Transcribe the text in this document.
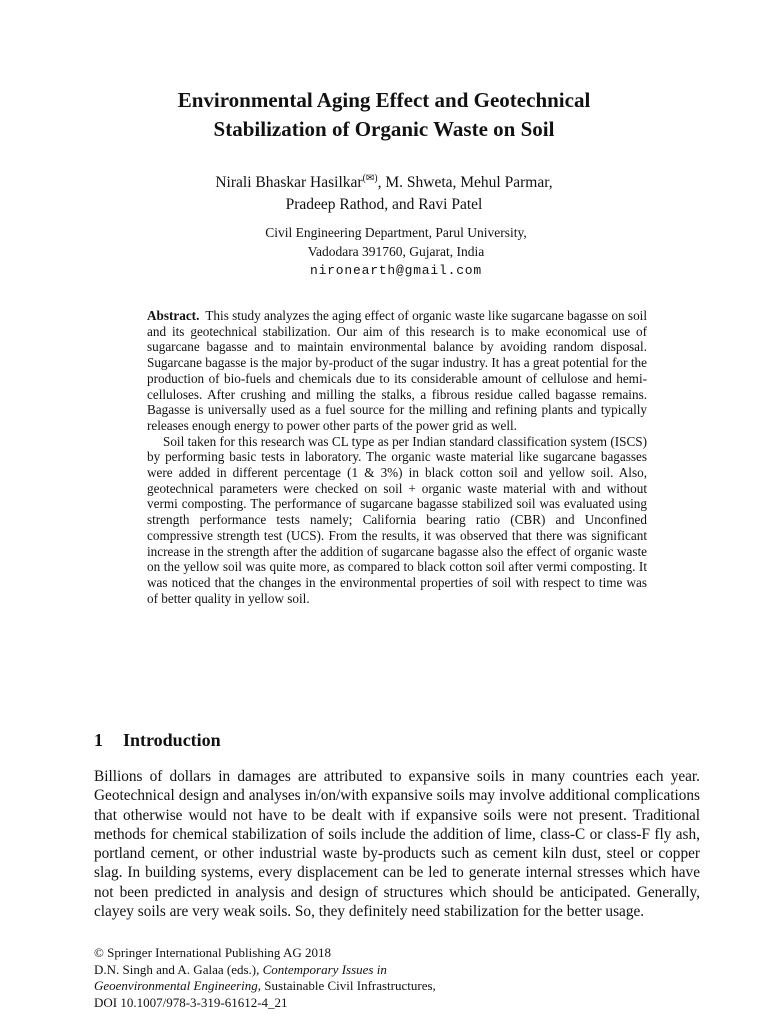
Environmental Aging Effect and Geotechnical
Stabilization of Organic Waste on Soil
Nirali Bhaskar Hasilkar(✉), M. Shweta, Mehul Parmar,
Pradeep Rathod, and Ravi Patel
Civil Engineering Department, Parul University,
Vadodara 391760, Gujarat, India
nironearth@gmail.com

Abstract. This study analyzes the aging effect of organic waste like sugarcane bagasse on soil and its geotechnical stabilization. Our aim of this research is to make economical use of sugarcane bagasse and to maintain environmental balance by avoiding random disposal. Sugarcane bagasse is the major by-product of the sugar industry. It has a great potential for the production of bio-fuels and chemicals due to its considerable amount of cellulose and hemi-celluloses. After crushing and milling the stalks, a fibrous residue called bagasse remains. Bagasse is universally used as a fuel source for the milling and refining plants and typically releases enough energy to power other parts of the power grid as well.

Soil taken for this research was CL type as per Indian standard classification system (ISCS) by performing basic tests in laboratory. The organic waste material like sugarcane bagasses were added in different percentage (1 & 3%) in black cotton soil and yellow soil. Also, geotechnical parameters were checked on soil + organic waste material with and without vermi composting. The performance of sugarcane bagasse stabilized soil was evaluated using strength performance tests namely; California bearing ratio (CBR) and Unconfined compressive strength test (UCS). From the results, it was observed that there was significant increase in the strength after the addition of sugarcane bagasse also the effect of organic waste on the yellow soil was quite more, as compared to black cotton soil after vermi composting. It was noticed that the changes in the environmental properties of soil with respect to time was of better quality in yellow soil.

1 Introduction

Billions of dollars in damages are attributed to expansive soils in many countries each year. Geotechnical design and analyses in/on/with expansive soils may involve additional complications that otherwise would not have to be dealt with if expansive soils were not present. Traditional methods for chemical stabilization of soils include the addition of lime, class-C or class-F fly ash, portland cement, or other industrial waste by-products such as cement kiln dust, steel or copper slag. In building systems, every displacement can be led to generate internal stresses which have not been predicted in analysis and design of structures which should be anticipated. Generally, clayey soils are very weak soils. So, they definitely need stabilization for the better usage.

© Springer International Publishing AG 2018
D.N. Singh and A. Galaa (eds.), Contemporary Issues in
Geoenvironmental Engineering, Sustainable Civil Infrastructures,
DOI 10.1007/978-3-319-61612-4_21
